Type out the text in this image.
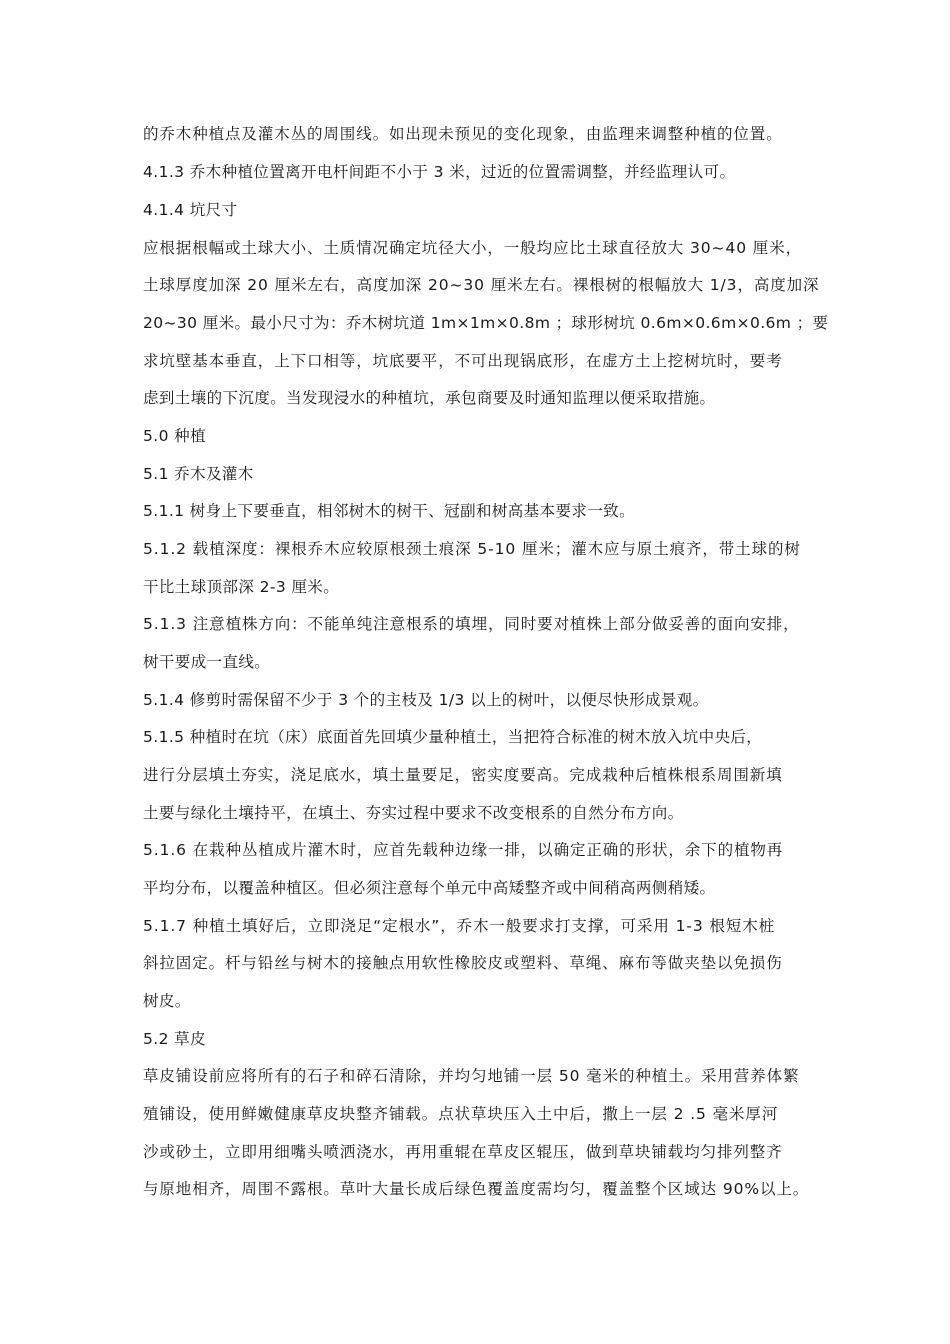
的乔木种植点及灌木丛的周围线。如出现未预见的变化现象，由监理来调整种植的位置。
4.1.3 乔木种植位置离开电杆间距不小于 3 米，过近的位置需调整，并经监理认可。
4.1.4 坑尺寸
应根据根幅或土球大小、土质情况确定坑径大小，一般均应比土球直径放大 30~40 厘米，
土球厚度加深 20 厘米左右，高度加深 20~30 厘米左右。裸根树的根幅放大 1/3，高度加深
20~30 厘米。最小尺寸为：乔木树坑道 1m×1m×0.8m ；球形树坑 0.6m×0.6m×0.6m ；要
求坑壁基本垂直，上下口相等，坑底要平，不可出现锅底形，在虚方土上挖树坑时，要考
虑到土壤的下沉度。当发现浸水的种植坑，承包商要及时通知监理以便采取措施。
5.0 种植
5.1 乔木及灌木
5.1.1 树身上下要垂直，相邻树木的树干、冠副和树高基本要求一致。
5.1.2 载植深度：裸根乔木应较原根颈土痕深 5-10 厘米；灌木应与原土痕齐，带土球的树
干比土球顶部深 2-3 厘米。
5.1.3 注意植株方向：不能单纯注意根系的填埋，同时要对植株上部分做妥善的面向安排，
树干要成一直线。
5.1.4 修剪时需保留不少于 3 个的主枝及 1/3 以上的树叶，以便尽快形成景观。
5.1.5 种植时在坑（床）底面首先回填少量种植土，当把符合标准的树木放入坑中央后，
进行分层填土夯实，浇足底水，填土量要足，密实度要高。完成栽种后植株根系周围新填
土要与绿化土壤持平，在填土、夯实过程中要求不改变根系的自然分布方向。
5.1.6 在栽种丛植成片灌木时，应首先载种边缘一排，以确定正确的形状，余下的植物再
平均分布，以覆盖种植区。但必须注意每个单元中高矮整齐或中间稍高两侧稍矮。
5.1.7 种植土填好后，立即浇足“定根水”，乔木一般要求打支撑，可采用 1-3 根短木桩
斜拉固定。杆与铅丝与树木的接触点用软性橡胶皮或塑料、草绳、麻布等做夹垫以免损伤
树皮。
5.2 草皮
草皮铺设前应将所有的石子和碎石清除，并均匀地铺一层 50 毫米的种植土。采用营养体繁
殖铺设，使用鲜嫩健康草皮块整齐铺载。点状草块压入土中后，撒上一层 2 .5 毫米厚河
沙或砂土，立即用细嘴头喷洒浇水，再用重辊在草皮区辊压，做到草块铺载均匀排列整齐
与原地相齐，周围不露根。草叶大量长成后绿色覆盖度需均匀，覆盖整个区域达 90%以上。
